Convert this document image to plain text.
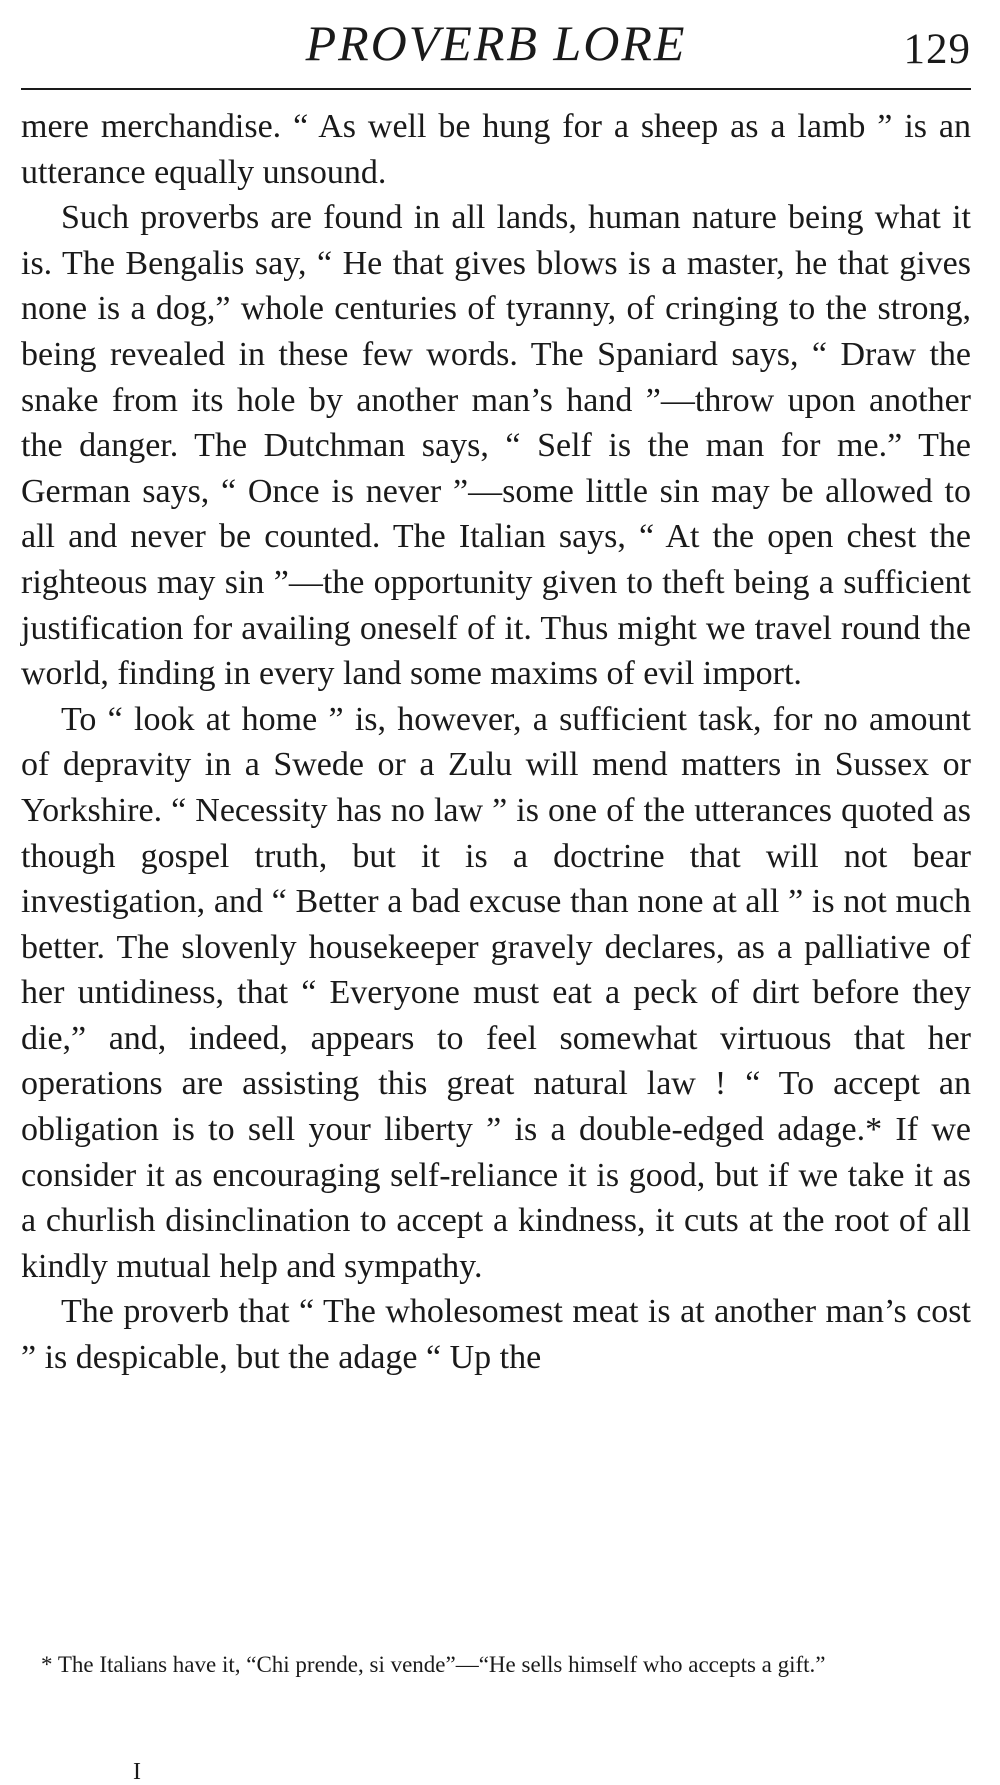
PROVERB LORE	129

mere merchandise. “ As well be hung for a sheep as a lamb ” is an utterance equally unsound.

Such proverbs are found in all lands, human nature being what it is. The Bengalis say, “ He that gives blows is a master, he that gives none is a dog,” whole centuries of tyranny, of cringing to the strong, being revealed in these few words. The Spaniard says, “ Draw the snake from its hole by another man’s hand ”—throw upon another the danger. The Dutchman says, “ Self is the man for me.” The German says, “ Once is never ”—some little sin may be allowed to all and never be counted. The Italian says, “ At the open chest the righteous may sin ”—the opportunity given to theft being a sufficient justification for availing oneself of it. Thus might we travel round the world, finding in every land some maxims of evil import.

To “ look at home ” is, however, a sufficient task, for no amount of depravity in a Swede or a Zulu will mend matters in Sussex or Yorkshire. “ Necessity has no law ” is one of the utterances quoted as though gospel truth, but it is a doctrine that will not bear investigation, and “ Better a bad excuse than none at all ” is not much better. The slovenly housekeeper gravely declares, as a palliative of her untidiness, that “ Everyone must eat a peck of dirt before they die,” and, indeed, appears to feel somewhat virtuous that her operations are assisting this great natural law ! “ To accept an obligation is to sell your liberty ” is a double-edged adage.* If we consider it as encouraging self-reliance it is good, but if we take it as a churlish disinclination to accept a kindness, it cuts at the root of all kindly mutual help and sympathy.

The proverb that “ The wholesomest meat is at another man’s cost ” is despicable, but the adage “ Up the

* The Italians have it, “Chi prende, si vende”—“He sells himself who accepts a gift.”

I
